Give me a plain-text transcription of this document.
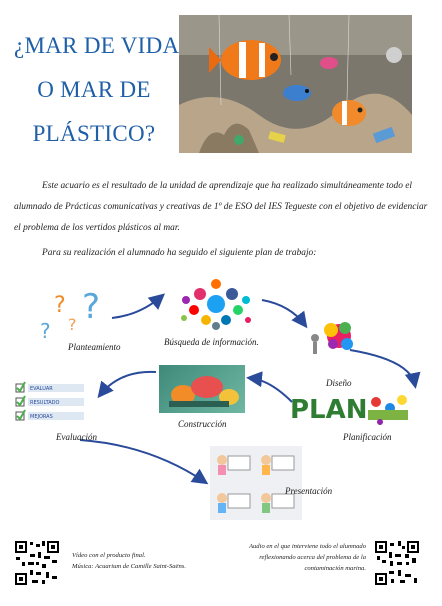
¿MAR DE VIDA
O MAR DE
PLÁSTICO?

Este acuario es el resultado de la unidad de aprendizaje que ha realizado simultáneamente todo el alumnado de Prácticas comunicativas y creativas de 1º de ESO del IES Tegueste con el objetivo de evidenciar el problema de los vertidos plásticos al mar.

Para su realización el alumnado ha seguido el siguiente plan de trabajo:

? ?
? ?
Planteamiento	Búsqueda de información.
Diseño
PLAN
Planificación
Construcción
EVALUAR
RESULTADO
MEJORAS
Evaluación
Presentación
Vídeo con el producto final.
Música: Acuarium de Camille Saint-Saëns.
Audio en el que interviene todo el alumnado
reflexionando acerca del problema de la
contaminación marina.
